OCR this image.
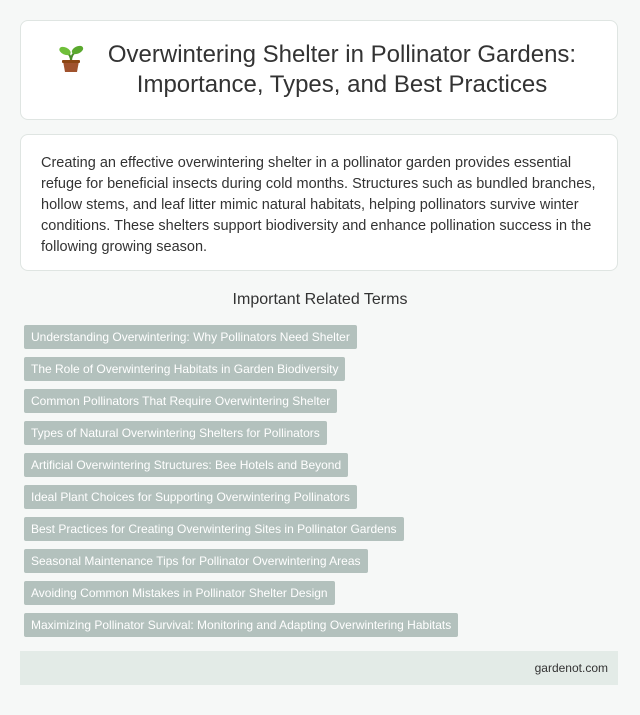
Overwintering Shelter in Pollinator Gardens: Importance, Types, and Best Practices

Creating an effective overwintering shelter in a pollinator garden provides essential refuge for beneficial insects during cold months. Structures such as bundled branches, hollow stems, and leaf litter mimic natural habitats, helping pollinators survive winter conditions. These shelters support biodiversity and enhance pollination success in the following growing season.

Important Related Terms
Understanding Overwintering: Why Pollinators Need Shelter
The Role of Overwintering Habitats in Garden Biodiversity
Common Pollinators That Require Overwintering Shelter
Types of Natural Overwintering Shelters for Pollinators
Artificial Overwintering Structures: Bee Hotels and Beyond
Ideal Plant Choices for Supporting Overwintering Pollinators
Best Practices for Creating Overwintering Sites in Pollinator Gardens
Seasonal Maintenance Tips for Pollinator Overwintering Areas
Avoiding Common Mistakes in Pollinator Shelter Design
Maximizing Pollinator Survival: Monitoring and Adapting Overwintering Habitats
gardenot.com
